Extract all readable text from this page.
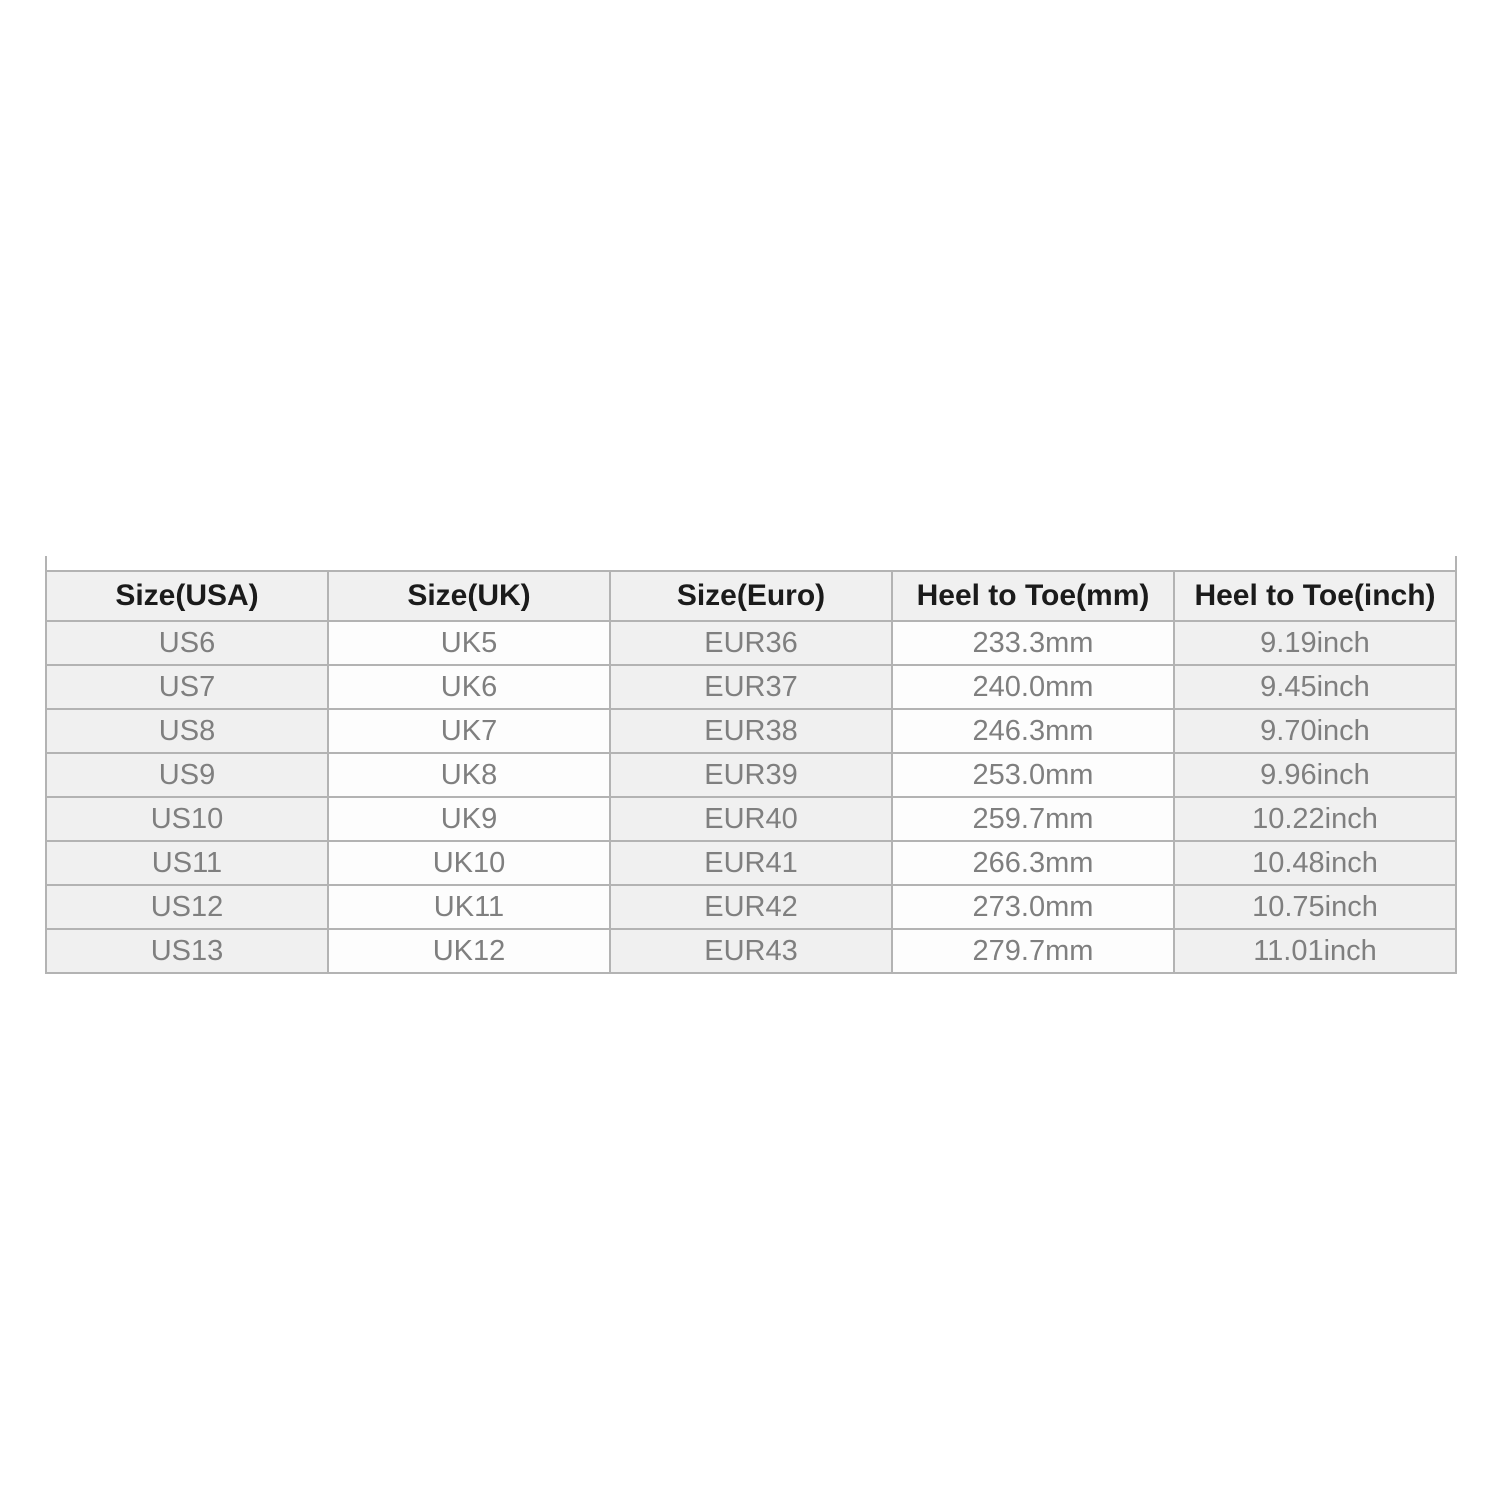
Size(USA)	Size(UK)	Size(Euro)	Heel to Toe(mm)	Heel to Toe(inch)
US6	UK5	EUR36	233.3mm	9.19inch
US7	UK6	EUR37	240.0mm	9.45inch
US8	UK7	EUR38	246.3mm	9.70inch
US9	UK8	EUR39	253.0mm	9.96inch
US10	UK9	EUR40	259.7mm	10.22inch
US11	UK10	EUR41	266.3mm	10.48inch
US12	UK11	EUR42	273.0mm	10.75inch
US13	UK12	EUR43	279.7mm	11.01inch
